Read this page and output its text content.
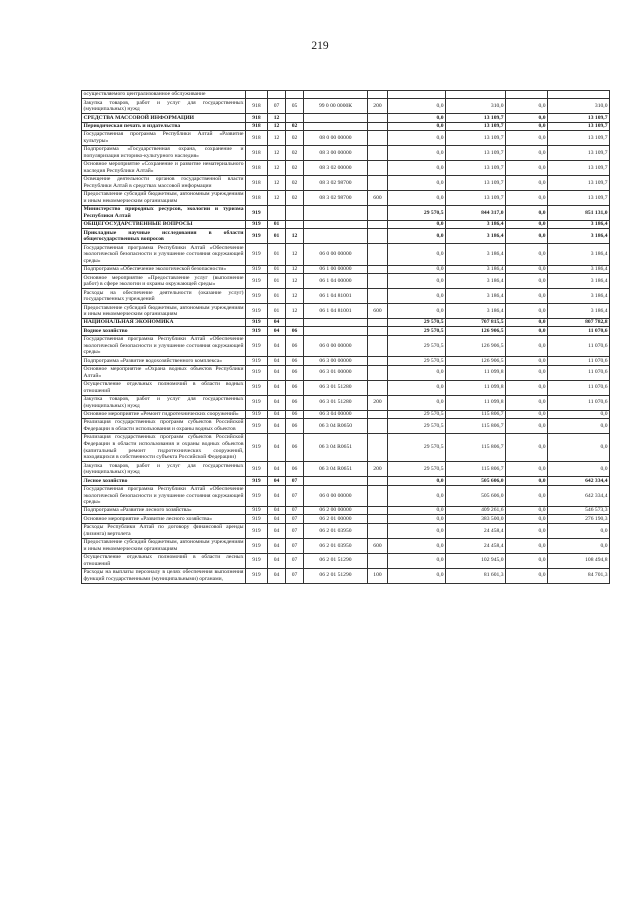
219
осуществляемого централизованное обслуживание									
Закупка товаров, работ и услуг для государственных (муниципальных) нужд	918	07	05	99 0 00 0000К	200	0,0	310,0	0,0	310,0
СРЕДСТВА МАССОВОЙ ИНФОРМАЦИИ	918	12				0,0	13 109,7	0,0	13 109,7
Периодическая печать и издательства	918	12	02			0,0	13 109,7	0,0	13 109,7
Государственная программа Республики Алтай «Развитие культуры»	918	12	02	08 0 00 00000		0,0	13 109,7	0,0	13 109,7
Подпрограмма «Государственная охрана, сохранение и популяризация историко-культурного наследия»	918	12	02	08 3 00 00000		0,0	13 109,7	0,0	13 109,7
Основное мероприятие «Сохранение и развитие нематериального наследия Республики Алтай»	918	12	02	08 3 02 00000		0,0	13 109,7	0,0	13 109,7
Освещение деятельности органов государственной власти Республики Алтай в средствах массовой информации	918	12	02	08 3 02 98700		0,0	13 109,7	0,0	13 109,7
Предоставление субсидий бюджетным, автономным учреждениям и иным некоммерческим организациям	918	12	02	08 3 02 98700	600	0,0	13 109,7	0,0	13 109,7
Министерство природных ресурсов, экологии и туризма Республики Алтай	919					29 570,5	844 317,0	0,0	851 131,0
ОБЩЕГОСУДАРСТВЕННЫЕ ВОПРОСЫ	919	01				0,0	3 186,4	0,0	3 186,4
Прикладные научные исследования в области общегосударственных вопросов	919	01	12			0,0	3 186,4	0,0	3 186,4
Государственная программа Республики Алтай «Обеспечение экологической безопасности и улучшение состояния окружающей среды»	919	01	12	06 0 00 00000		0,0	3 186,4	0,0	3 186,4
Подпрограмма «Обеспечение экологической безопасности»	919	01	12	06 1 00 00000		0,0	3 186,4	0,0	3 186,4
Основное мероприятие «Предоставление услуг (выполнение работ) в сфере экологии и охраны окружающей среды»	919	01	12	06 1 04 00000		0,0	3 186,4	0,0	3 186,4
Расходы на обеспечение деятельности (оказание услуг) государственных учреждений	919	01	12	06 1 04 81001		0,0	3 186,4	0,0	3 186,4
Предоставление субсидий бюджетным, автономным учреждениям и иным некоммерческим организациям	919	01	12	06 1 04 81001	600	0,0	3 186,4	0,0	3 186,4
НАЦИОНАЛЬНАЯ ЭКОНОМИКА	919	04				29 570,5	707 815,5	0,0	807 782,8
Водное хозяйство	919	04	06			29 570,5	126 906,5	0,0	11 070,6
Государственная программа Республики Алтай «Обеспечение экологической безопасности и улучшение состояния окружающей среды»	919	04	06	06 0 00 00000		29 570,5	126 906,5	0,0	11 070,6
Подпрограмма «Развитие водохозяйственного комплекса»	919	04	06	06 3 00 00000		29 570,5	126 906,5	0,0	11 070,6
Основное мероприятие «Охрана водных объектов Республики Алтай»	919	04	06	06 3 01 00000		0,0	11 099,8	0,0	11 070,6
Осуществление отдельных полномочий в области водных отношений	919	04	06	06 3 01 51280		0,0	11 099,8	0,0	11 070,6
Закупка товаров, работ и услуг для государственных (муниципальных) нужд	919	04	06	06 3 01 51280	200	0,0	11 099,8	0,0	11 070,6
Основное мероприятие «Ремонт гидротехнических сооружений»	919	04	06	06 3 04 00000		29 570,5	115 806,7	0,0	0,0
Реализация государственных программ субъектов Российской Федерации в области использования и охраны водных объектов	919	04	06	06 3 04 R0650		29 570,5	115 806,7	0,0	0,0
Реализация государственных программ субъектов Российской Федерации в области использования и охраны водных объектов (капитальный ремонт гидротехнических сооружений, находящихся в собственности субъекта Российской Федерации)	919	04	06	06 3 04 R0651		29 570,5	115 806,7	0,0	0,0
Закупка товаров, работ и услуг для государственных (муниципальных) нужд	919	04	06	06 3 04 R0651	200	29 570,5	115 806,7	0,0	0,0
Лесное хозяйство	919	04	07			0,0	505 606,0	0,0	642 334,4
Государственная программа Республики Алтай «Обеспечение экологической безопасности и улучшение состояния окружающей среды»	919	04	07	06 0 00 00000		0,0	505 606,0	0,0	642 334,4
Подпрограмма «Развитие лесного хозяйства»	919	04	07	06 2 00 00000		0,0	409 261,6	0,0	546 573,3
Основное мероприятие «Развитие лесного хозяйства»	919	04	07	06 2 01 00000		0,0	383 500,0	0,0	276 190,3
Расходы Республики Алтай по договору финансовой аренды (лизинга) вертолета	919	04	07	06 2 01 03950		0,0	24 458,4	0,0	0,0
Предоставление субсидий бюджетным, автономным учреждениям и иным некоммерческим организациям	919	04	07	06 2 01 03950	600	0,0	24 458,4	0,0	0,0
Осуществление отдельных полномочий в области лесных отношений	919	04	07	06 2 01 51290		0,0	102 945,0	0,0	108 494,8
Расходы на выплаты персоналу в целях обеспечения выполнения функций государственными (муниципальными) органами,	919	04	07	06 2 01 51290	100	0,0	81 601,3	0,0	84 701,3
